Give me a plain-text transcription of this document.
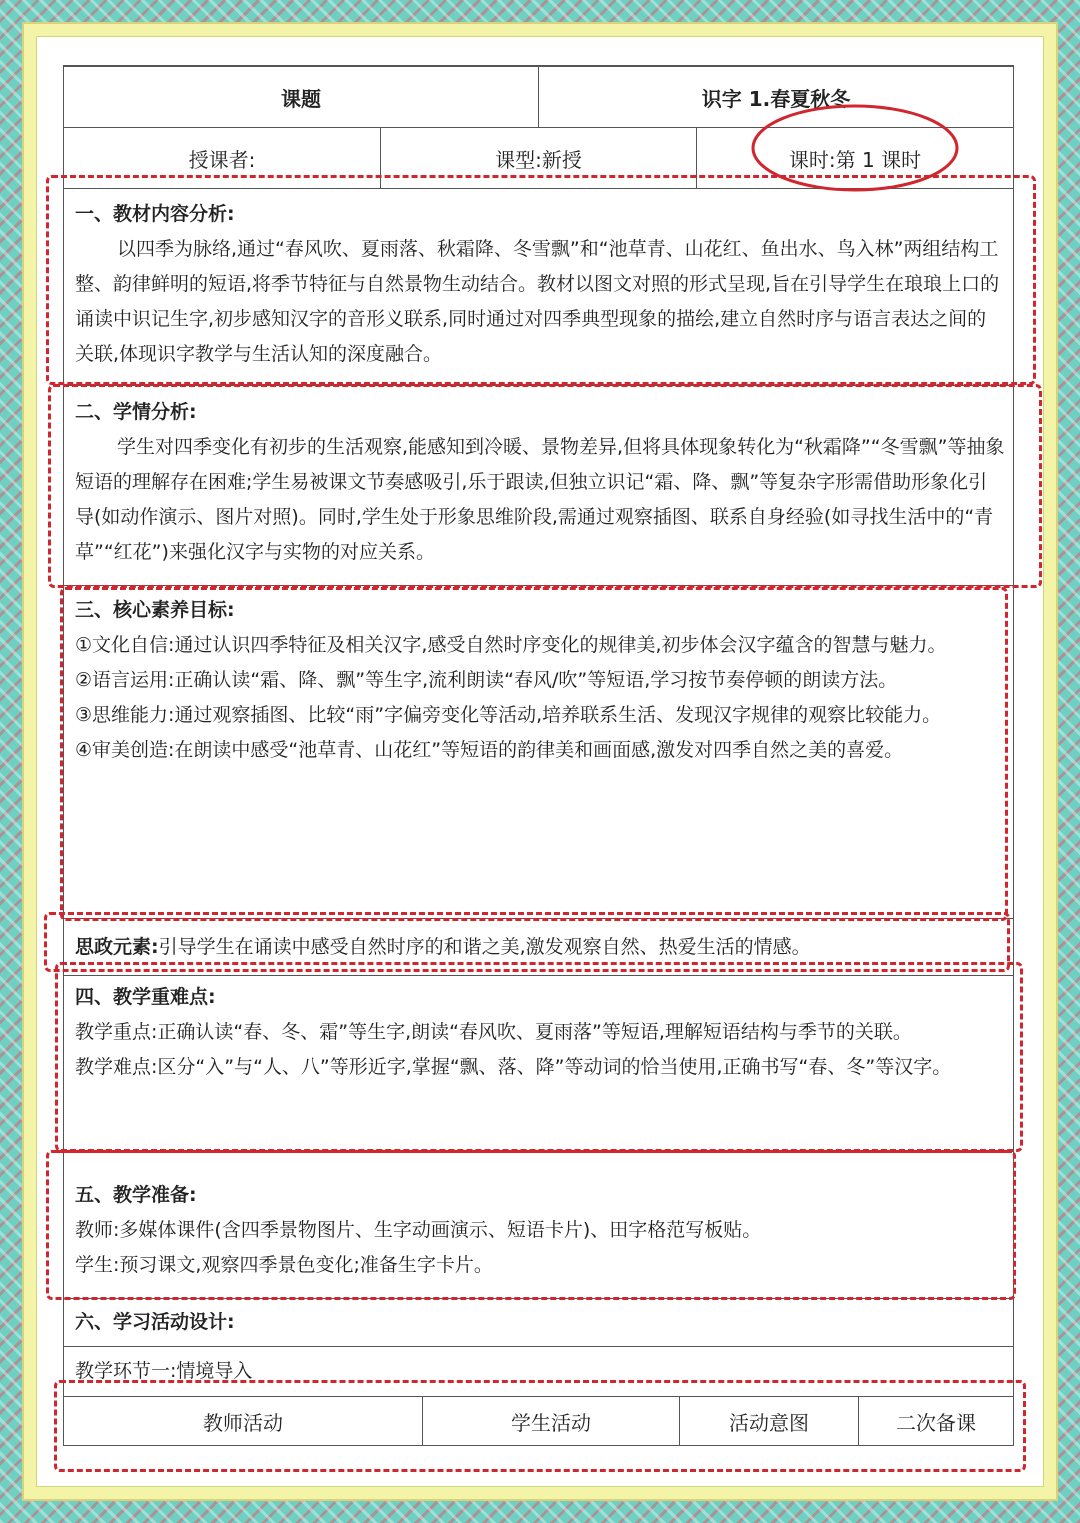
课题	识字 1.春夏秋冬
授课者:	课型:新授	课时:第 1 课时

一、教材内容分析:

以四季为脉络,通过“春风吹、夏雨落、秋霜降、冬雪飘”和“池草青、山花红、鱼出水、鸟入林”两组结构工整、韵律鲜明的短语,将季节特征与自然景物生动结合。教材以图文对照的形式呈现,旨在引导学生在琅琅上口的诵读中识记生字,初步感知汉字的音形义联系,同时通过对四季典型现象的描绘,建立自然时序与语言表达之间的关联,体现识字教学与生活认知的深度融合。

二、学情分析:

学生对四季变化有初步的生活观察,能感知到冷暖、景物差异,但将具体现象转化为“秋霜降”“冬雪飘”等抽象短语的理解存在困难;学生易被课文节奏感吸引,乐于跟读,但独立识记“霜、降、飘”等复杂字形需借助形象化引导(如动作演示、图片对照)。同时,学生处于形象思维阶段,需通过观察插图、联系自身经验(如寻找生活中的“青草”“红花”)来强化汉字与实物的对应关系。

三、核心素养目标:

①文化自信:通过认识四季特征及相关汉字,感受自然时序变化的规律美,初步体会汉字蕴含的智慧与魅力。

②语言运用:正确认读“霜、降、飘”等生字,流利朗读“春风/吹”等短语,学习按节奏停顿的朗读方法。

③思维能力:通过观察插图、比较“雨”字偏旁变化等活动,培养联系生活、发现汉字规律的观察比较能力。

④审美创造:在朗读中感受“池草青、山花红”等短语的韵律美和画面感,激发对四季自然之美的喜爱。

思政元素:引导学生在诵读中感受自然时序的和谐之美,激发观察自然、热爱生活的情感。

四、教学重难点:

教学重点:正确认读“春、冬、霜”等生字,朗读“春风吹、夏雨落”等短语,理解短语结构与季节的关联。

教学难点:区分“入”与“人、八”等形近字,掌握“飘、落、降”等动词的恰当使用,正确书写“春、冬”等汉字。

五、教学准备:

教师:多媒体课件(含四季景物图片、生字动画演示、短语卡片)、田字格范写板贴。

学生:预习课文,观察四季景色变化;准备生字卡片。

六、学习活动设计:
教学环节一:情境导入
教师活动	学生活动	活动意图	二次备课
